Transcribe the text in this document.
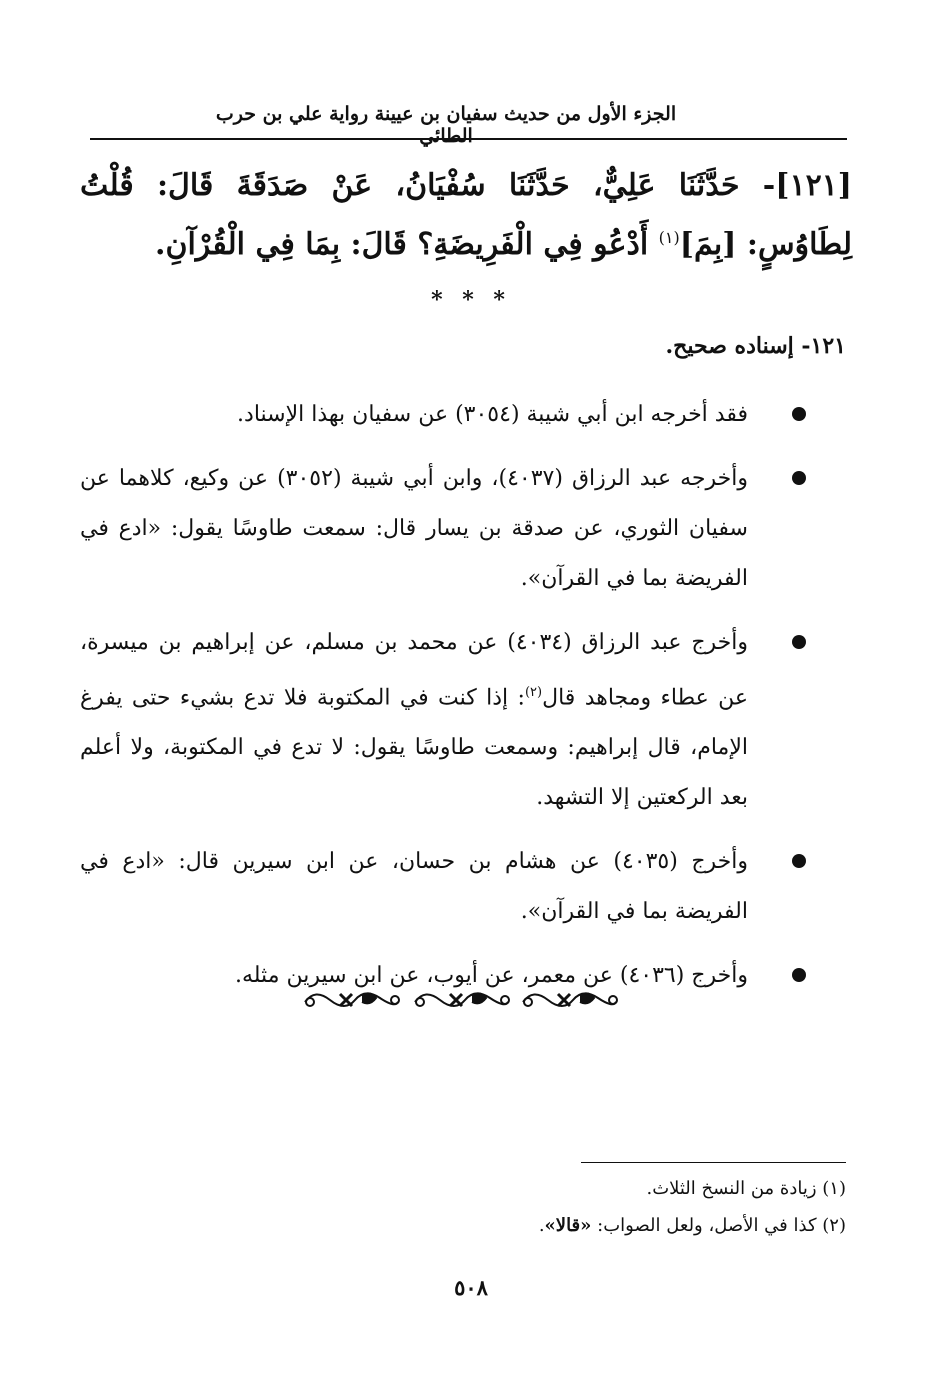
الجزء الأول من حديث سفيان بن عيينة رواية علي بن حرب الطائي
[١٢١]- حَدَّثَنَا عَلِيٌّ، حَدَّثَنَا سُفْيَانُ، عَنْ صَدَقَةَ قَالَ: قُلْتُ لِطَاوُسٍ: [بِمَ]$^{(١)}$ أَدْعُو فِي الْفَرِيضَةِ؟ قَالَ: بِمَا فِي الْقُرْآنِ.
* * *
١٢١- إسناده صحيح.
فقد أخرجه ابن أبي شيبة (٣٠٥٤) عن سفيان بهذا الإسناد.
وأخرجه عبد الرزاق (٤٠٣٧)، وابن أبي شيبة (٣٠٥٢) عن وكيع، كلاهما عن سفيان الثوري، عن صدقة بن يسار قال: سمعت طاوسًا يقول: «ادع في الفريضة بما في القرآن».
وأخرج عبد الرزاق (٤٠٣٤) عن محمد بن مسلم، عن إبراهيم بن ميسرة، عن عطاء ومجاهد قال$^{(٢)}$: إذا كنت في المكتوبة فلا تدع بشيء حتى يفرغ الإمام، قال إبراهيم: وسمعت طاوسًا يقول: لا تدع في المكتوبة، ولا أعلم بعد الركعتين إلا التشهد.
وأخرج (٤٠٣٥) عن هشام بن حسان، عن ابن سيرين قال: «ادع في الفريضة بما في القرآن».
وأخرج (٤٠٣٦) عن معمر، عن أيوب، عن ابن سيرين مثله.

(١) زيادة من النسخ الثلاث.

(٢) كذا في الأصل، ولعل الصواب: «قالا».

٥٠٨
